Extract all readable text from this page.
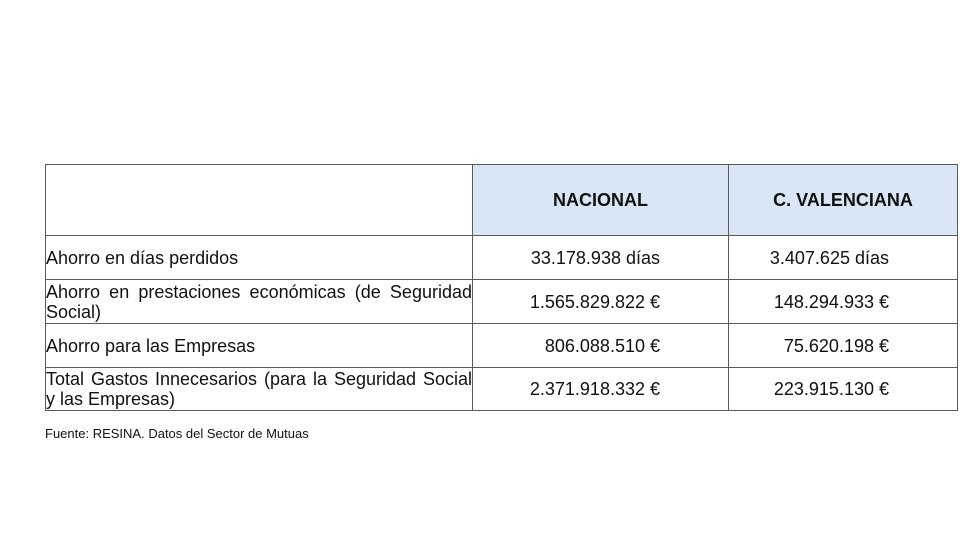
	NACIONAL	C. VALENCIANA
Ahorro en días perdidos	33.178.938 días	3.407.625 días
Ahorro en prestaciones económicas (de Seguridad Social)	1.565.829.822 €	148.294.933 €
Ahorro para las Empresas	806.088.510 €	75.620.198 €
Total Gastos Innecesarios (para la Seguridad Social y las Empresas)	2.371.918.332 €	223.915.130 €
Fuente: RESINA. Datos del Sector de Mutuas
